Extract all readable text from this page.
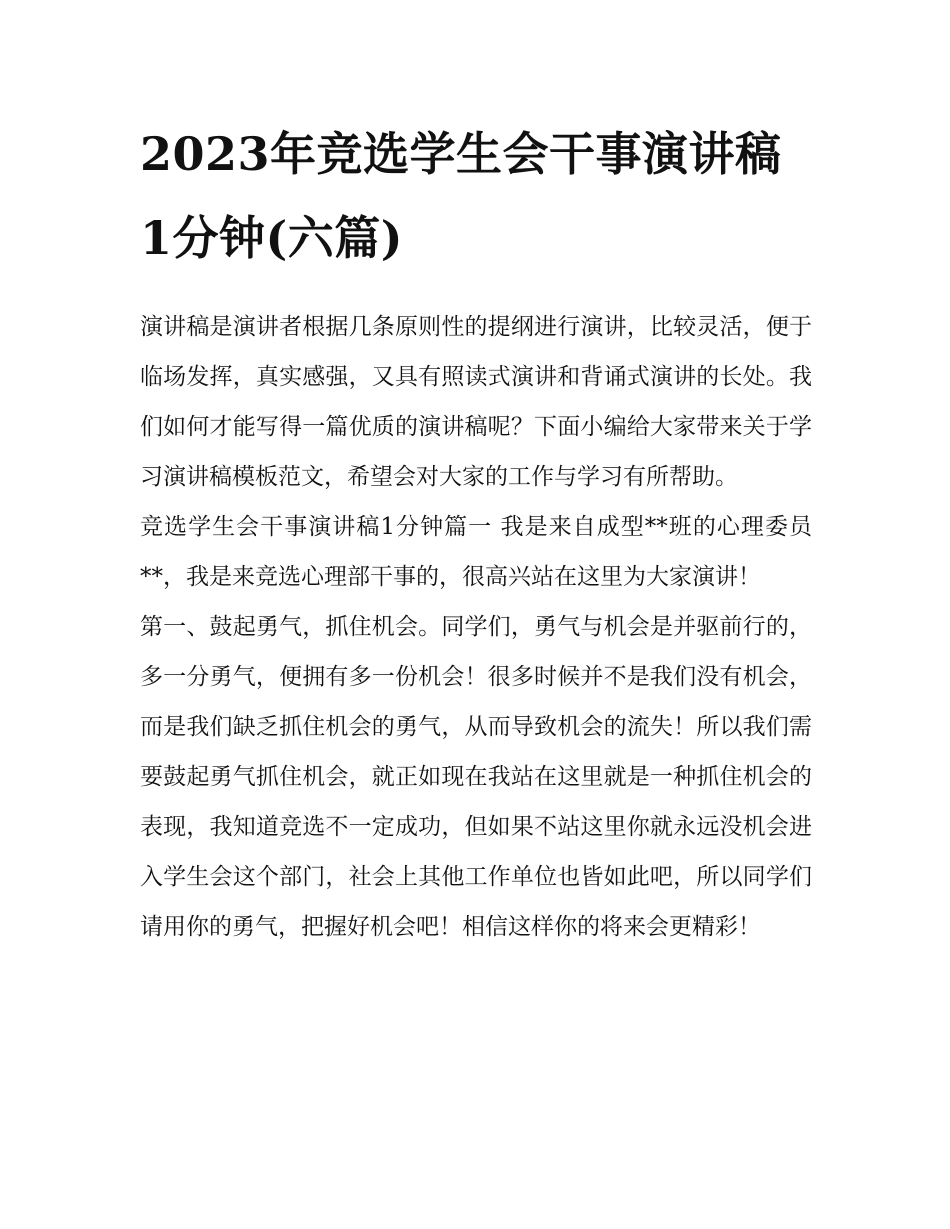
2023年竞选学生会干事演讲稿1分钟(六篇)

演讲稿是演讲者根据几条原则性的提纲进行演讲，比较灵活，便于临场发挥，真实感强，又具有照读式演讲和背诵式演讲的长处。我们如何才能写得一篇优质的演讲稿呢？下面小编给大家带来关于学习演讲稿模板范文，希望会对大家的工作与学习有所帮助。

竞选学生会干事演讲稿1分钟篇一 我是来自成型**班的心理委员**，我是来竞选心理部干事的，很高兴站在这里为大家演讲！

第一、鼓起勇气，抓住机会。同学们，勇气与机会是并驱前行的，多一分勇气，便拥有多一份机会！很多时候并不是我们没有机会，而是我们缺乏抓住机会的勇气，从而导致机会的流失！所以我们需要鼓起勇气抓住机会，就正如现在我站在这里就是一种抓住机会的表现，我知道竞选不一定成功，但如果不站这里你就永远没机会进入学生会这个部门，社会上其他工作单位也皆如此吧，所以同学们请用你的勇气，把握好机会吧！相信这样你的将来会更精彩！
